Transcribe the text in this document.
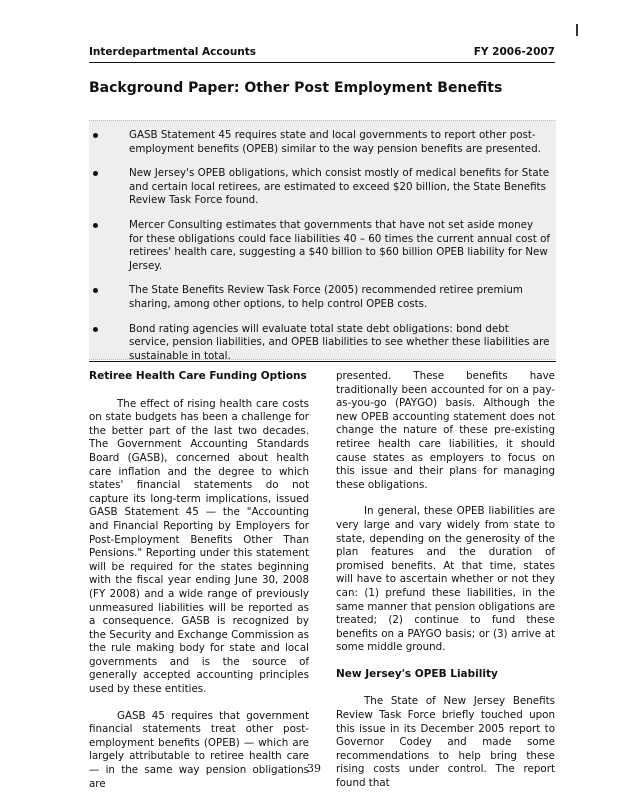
Interdepartmental Accounts	FY 2006-2007
Background Paper: Other Post Employment Benefits
GASB Statement 45 requires state and local governments to report other post-employment benefits (OPEB) similar to the way pension benefits are presented.
New Jersey's OPEB obligations, which consist mostly of medical benefits for State and certain local retirees, are estimated to exceed $20 billion, the State Benefits Review Task Force found.
Mercer Consulting estimates that governments that have not set aside money for these obligations could face liabilities 40 – 60 times the current annual cost of retirees' health care, suggesting a $40 billion to $60 billion OPEB liability for New Jersey.
The State Benefits Review Task Force (2005) recommended retiree premium sharing, among other options, to help control OPEB costs.
Bond rating agencies will evaluate total state debt obligations: bond debt service, pension liabilities, and OPEB liabilities to see whether these liabilities are sustainable in total.
Retiree Health Care Funding Options

The effect of rising health care costs on state budgets has been a challenge for the better part of the last two decades. The Government Accounting Standards Board (GASB), concerned about health care inflation and the degree to which states' financial statements do not capture its long-term implications, issued GASB Statement 45 — the "Accounting and Financial Reporting by Employers for Post-Employment Benefits Other Than Pensions." Reporting under this statement will be required for the states beginning with the fiscal year ending June 30, 2008 (FY 2008) and a wide range of previously unmeasured liabilities will be reported as a consequence. GASB is recognized by the Security and Exchange Commission as the rule making body for state and local governments and is the source of generally accepted accounting principles used by these entities.

GASB 45 requires that government financial statements treat other post-employment benefits (OPEB) — which are largely attributable to retiree health care — in the same way pension obligations are

presented. These benefits have traditionally been accounted for on a pay-as-you-go (PAYGO) basis. Although the new OPEB accounting statement does not change the nature of these pre-existing retiree health care liabilities, it should cause states as employers to focus on this issue and their plans for managing these obligations.

In general, these OPEB liabilities are very large and vary widely from state to state, depending on the generosity of the plan features and the duration of promised benefits. At that time, states will have to ascertain whether or not they can: (1) prefund these liabilities, in the same manner that pension obligations are treated; (2) continue to fund these benefits on a PAYGO basis; or (3) arrive at some middle ground.

New Jersey's OPEB Liability

The State of New Jersey Benefits Review Task Force briefly touched upon this issue in its December 2005 report to Governor Codey and made some recommendations to help bring these rising costs under control. The report found that

39
